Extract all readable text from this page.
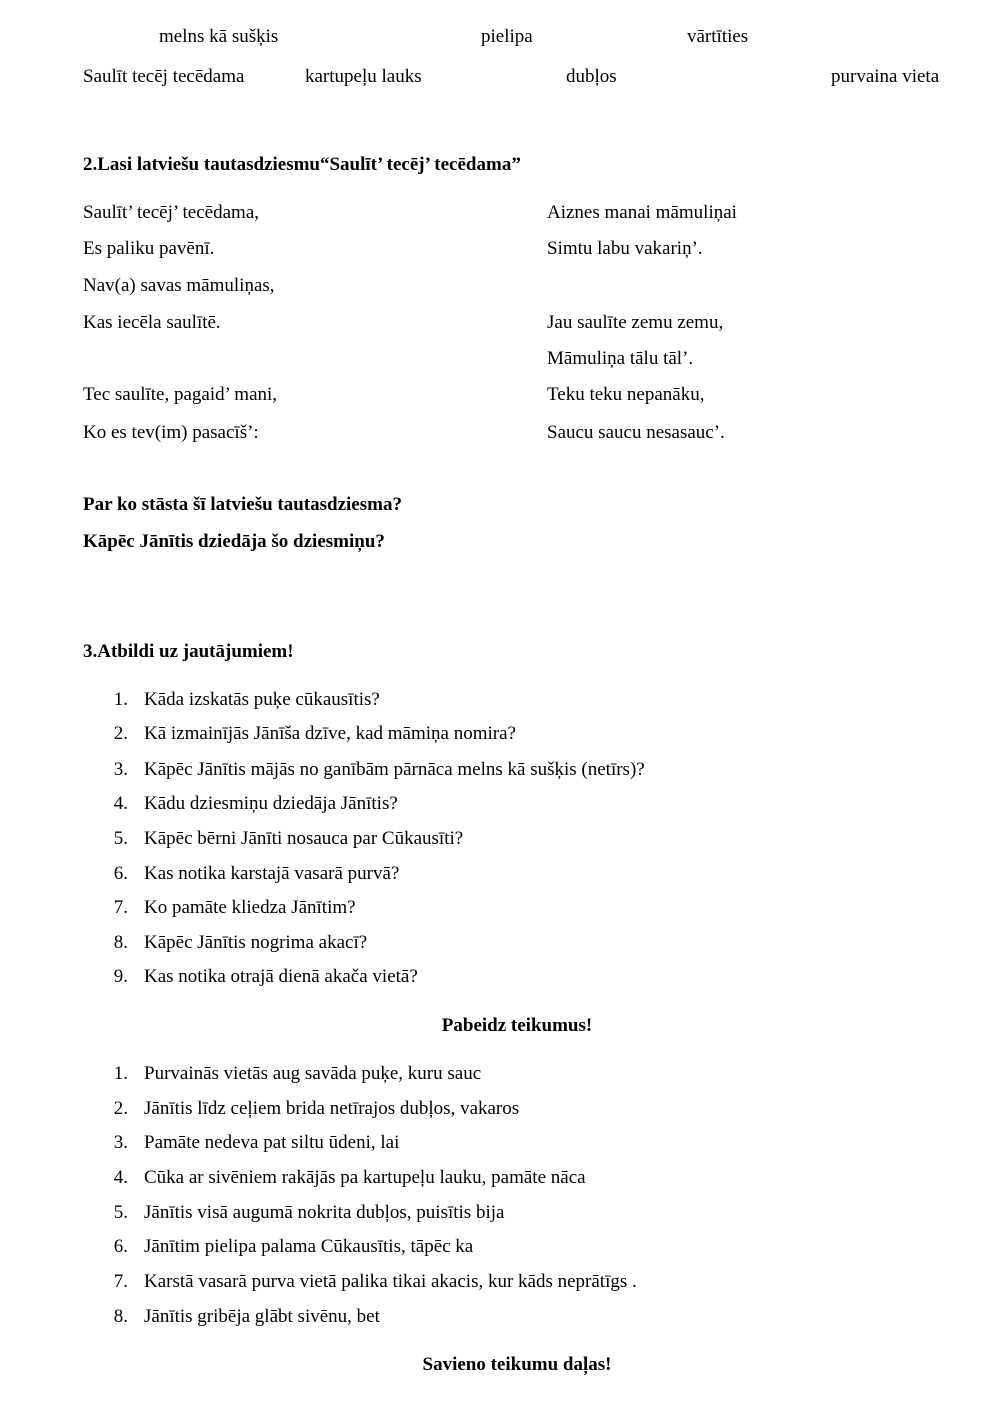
melns kā sušķis	pielipa	vārtīties
Saulīt tecēj tecēdama	kartupeļu lauks	dubļos	purvaina vieta
2.Lasi latviešu tautasdziesmu“Saulīt’ tecēj’ tecēdama”
Saulīt’ tecēj’ tecēdama,
Es paliku pavēnī.
Nav(a) savas māmuliņas,
Kas iecēla saulītē.
Tec saulīte, pagaid’ mani,
Ko es tev(im) pasacīš’:
Aiznes manai māmuliņai
Simtu labu vakariņ’.
Jau saulīte zemu zemu,
Māmuliņa tālu tāl’.
Teku teku nepanāku,
Saucu saucu nesasauc’.
Par ko stāsta šī latviešu tautasdziesma?
Kāpēc Jānītis dziedāja šo dziesmiņu?
3.Atbildi uz jautājumiem!
1. Kāda izskatās puķe cūkausītis?
2. Kā izmainījās Jānīša dzīve, kad māmiņa nomira?
3. Kāpēc Jānītis mājās no ganībām pārnāca melns kā sušķis (netīrs)?
4. Kādu dziesmiņu dziedāja Jānītis?
5. Kāpēc bērni Jānīti nosauca par Cūkausīti?
6. Kas notika karstajā vasarā purvā?
7. Ko pamāte kliedza Jānītim?
8. Kāpēc Jānītis nogrima akacī?
9. Kas notika otrajā dienā akača vietā?
Pabeidz teikumus!
1. Purvainās vietās aug savāda puķe, kuru sauc
2. Jānītis līdz ceļiem brida netīrajos dubļos, vakaros
3. Pamāte nedeva pat siltu ūdeni, lai
4. Cūka ar sivēniem rakājās pa kartupeļu lauku, pamāte nāca
5. Jānītis visā augumā nokrita dubļos, puisītis bija
6. Jānītim pielipa palama Cūkausītis, tāpēc ka
7. Karstā vasarā purva vietā palika tikai akacis, kur kāds neprātīgs .
8. Jānītis gribēja glābt sivēnu, bet
Savieno teikumu daļas!
